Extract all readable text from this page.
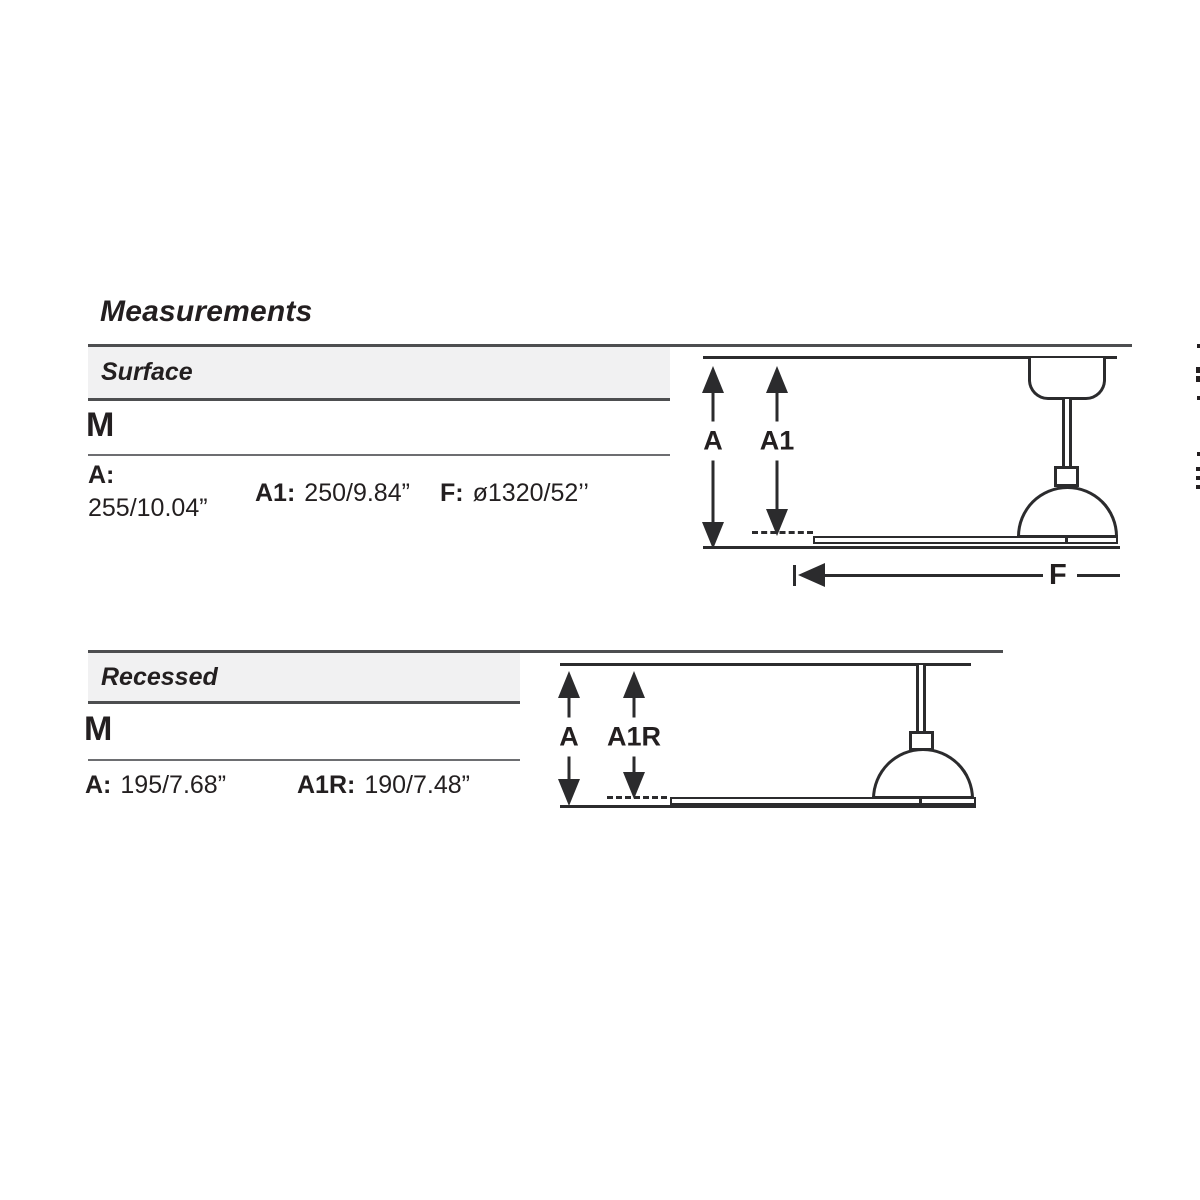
Measurements
Surface
M
A:
255/10.04”
A1: 250/9.84” F: ø1320/52’’
A A1
F
Recessed
M
A: 195/7.68”	A1R: 190/7.48”
A A1R
